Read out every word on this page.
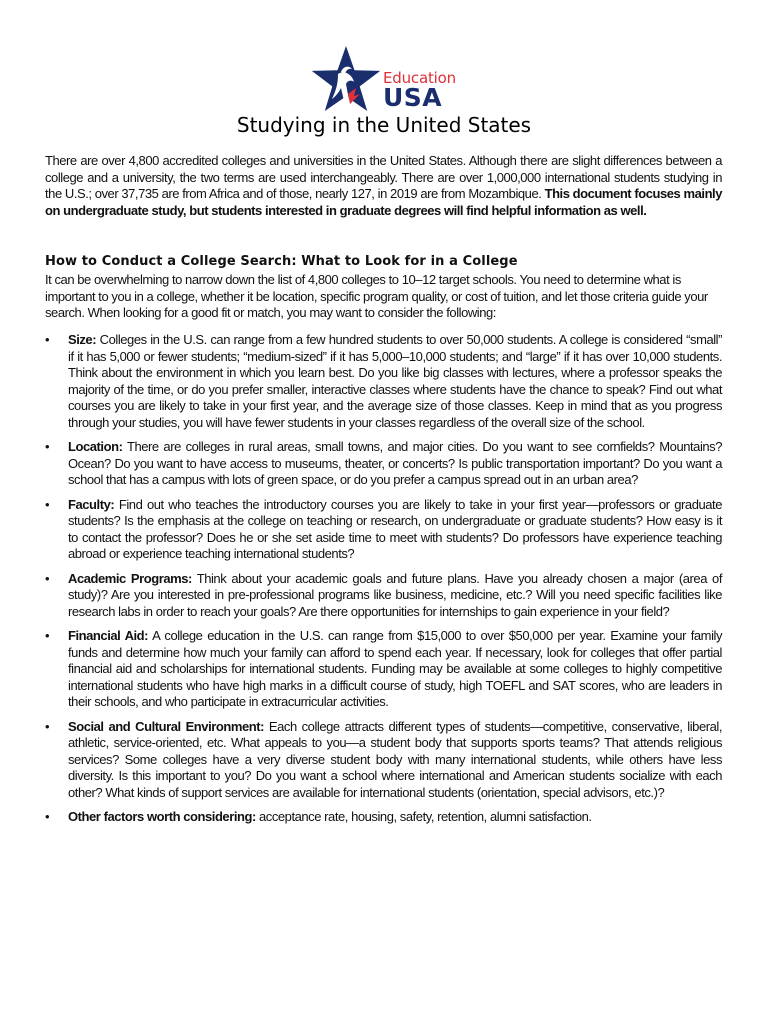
Education
USA
Studying in the United States

There are over 4,800 accredited colleges and universities in the United States. Although there are slight differences between a college and a university, the two terms are used interchangeably. There are over 1,000,000 international students studying in the U.S.; over 37,735 are from Africa and of those, nearly 127, in 2019 are from Mozambique. This document focuses mainly on undergraduate study, but students interested in graduate degrees will find helpful information as well.

How to Conduct a College Search: What to Look for in a College

It can be overwhelming to narrow down the list of 4,800 colleges to 10–12 target schools. You need to determine what is important to you in a college, whether it be location, specific program quality, or cost of tuition, and let those criteria guide your search. When looking for a good fit or match, you may want to consider the following:

• Size: Colleges in the U.S. can range from a few hundred students to over 50,000 students. A college is considered “small” if it has 5,000 or fewer students; “medium-sized” if it has 5,000–10,000 students; and “large” if it has over 10,000 students. Think about the environment in which you learn best. Do you like big classes with lectures, where a professor speaks the majority of the time, or do you prefer smaller, interactive classes where students have the chance to speak? Find out what courses you are likely to take in your first year, and the average size of those classes. Keep in mind that as you progress through your studies, you will have fewer students in your classes regardless of the overall size of the school.
• Location: There are colleges in rural areas, small towns, and major cities. Do you want to see cornfields? Mountains? Ocean? Do you want to have access to museums, theater, or concerts? Is public transportation important? Do you want a school that has a campus with lots of green space, or do you prefer a campus spread out in an urban area?
• Faculty: Find out who teaches the introductory courses you are likely to take in your first year—professors or graduate students? Is the emphasis at the college on teaching or research, on undergraduate or graduate students? How easy is it to contact the professor? Does he or she set aside time to meet with students? Do professors have experience teaching abroad or experience teaching international students?
• Academic Programs: Think about your academic goals and future plans. Have you already chosen a major (area of study)? Are you interested in pre-professional programs like business, medicine, etc.? Will you need specific facilities like research labs in order to reach your goals? Are there opportunities for internships to gain experience in your field?
• Financial Aid: A college education in the U.S. can range from $15,000 to over $50,000 per year. Examine your family funds and determine how much your family can afford to spend each year. If necessary, look for colleges that offer partial financial aid and scholarships for international students. Funding may be available at some colleges to highly competitive international students who have high marks in a difficult course of study, high TOEFL and SAT scores, who are leaders in their schools, and who participate in extracurricular activities.
• Social and Cultural Environment: Each college attracts different types of students—competitive, conservative, liberal, athletic, service-oriented, etc. What appeals to you—a student body that supports sports teams? That attends religious services? Some colleges have a very diverse student body with many international students, while others have less diversity. Is this important to you? Do you want a school where international and American students socialize with each other? What kinds of support services are available for international students (orientation, special advisors, etc.)?
• Other factors worth considering: acceptance rate, housing, safety, retention, alumni satisfaction.
